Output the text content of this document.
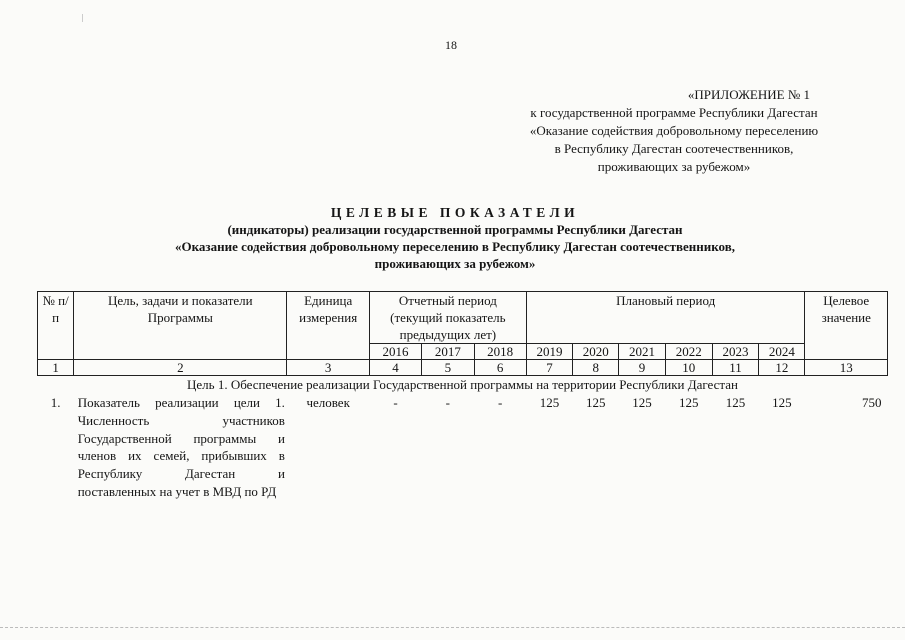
18
«ПРИЛОЖЕНИЕ № 1
к государственной программе Республики Дагестан
«Оказание содействия добровольному переселению
в Республику Дагестан соотечественников,
проживающих за рубежом»
ЦЕЛЕВЫЕ ПОКАЗАТЕЛИ
(индикаторы) реализации государственной программы Республики Дагестан
«Оказание содействия добровольному переселению в Республику Дагестан соотечественников,
проживающих за рубежом»
№ п/п	Цель, задачи и показатели Программы	Единица измерения	Отчетный период (текущий показатель предыдущих лет)			Плановый период						Целевое значение
			2016	2017	2018	2019	2020	2021	2022	2023	2024	
1	2	3	4	5	6	7	8	9	10	11	12	13
Цель 1. Обеспечение реализации Государственной программы на территории Республики Дагестан												
1.	Показатель реализации цели 1. Численность участников Государственной программы и членов их семей, прибывших в Республику Дагестан и поставленных на учет в МВД по РД	человек	-	-	-	125	125	125	125	125	125	750
